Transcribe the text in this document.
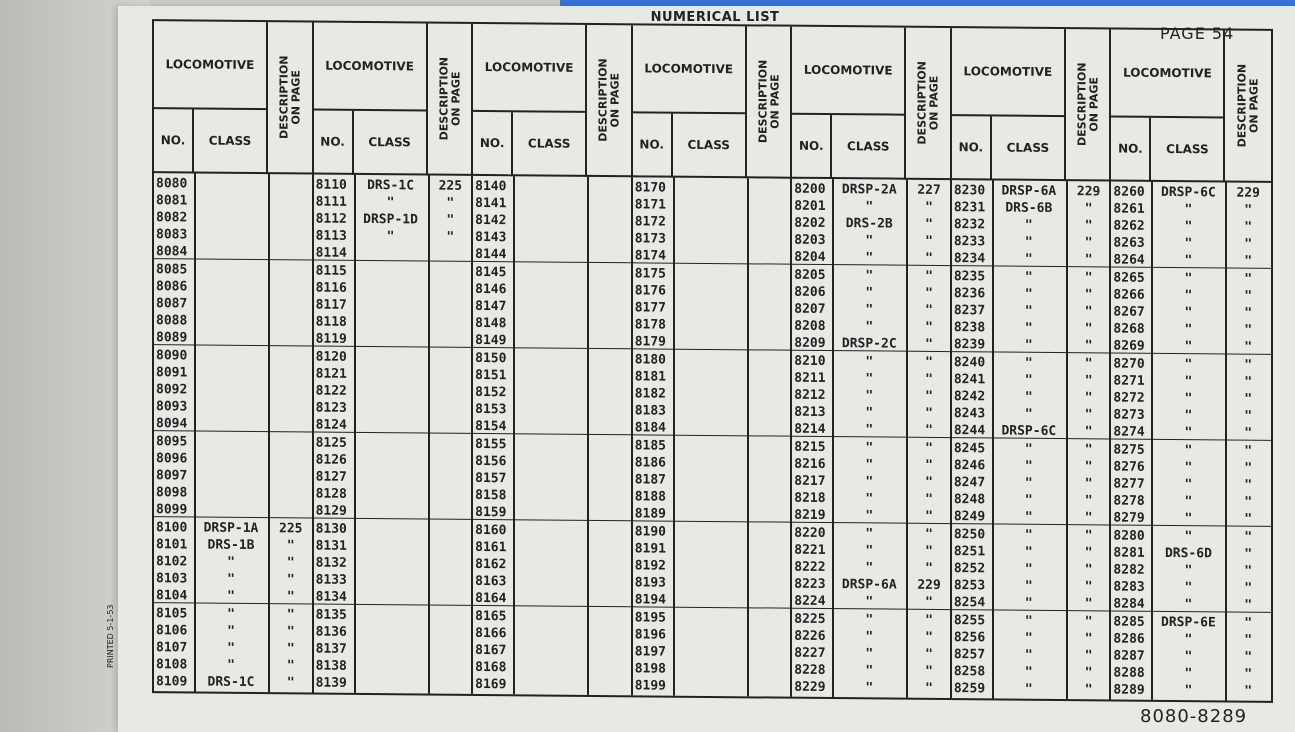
NUMERICAL LIST
PAGE 54
PRINTED 5-1-53
LOCOMOTIVE
NO.	CLASS
DESCRIPTION
ON PAGE
8080
8081
8082
8083
8084
8085
8086
8087
8088
8089
8090
8091
8092
8093
8094
8095
8096
8097
8098
8099
8100	DRSP-1A	225
8101	DRS-1B	"
8102	"	"
8103	"	"
8104	"	"
8105	"	"
8106	"	"
8107	"	"
8108	"	"
8109	DRS-1C	"
LOCOMOTIVE
NO.	CLASS
DESCRIPTION
ON PAGE
8110	DRS-1C	225
8111	"	"
8112	DRSP-1D	"
8113	"	"
8114
8115
8116
8117
8118
8119
8120
8121
8122
8123
8124
8125
8126
8127
8128
8129
8130
8131
8132
8133
8134
8135
8136
8137
8138
8139
LOCOMOTIVE
NO.	CLASS
DESCRIPTION
ON PAGE
8140
8141
8142
8143
8144
8145
8146
8147
8148
8149
8150
8151
8152
8153
8154
8155
8156
8157
8158
8159
8160
8161
8162
8163
8164
8165
8166
8167
8168
8169
LOCOMOTIVE
NO.	CLASS
DESCRIPTION
ON PAGE
8170
8171
8172
8173
8174
8175
8176
8177
8178
8179
8180
8181
8182
8183
8184
8185
8186
8187
8188
8189
8190
8191
8192
8193
8194
8195
8196
8197
8198
8199
LOCOMOTIVE
NO.	CLASS
DESCRIPTION
ON PAGE
8200	DRSP-2A	227
8201	"	"
8202	DRS-2B	"
8203	"	"
8204	"	"
8205	"	"
8206	"	"
8207	"	"
8208	"	"
8209	DRSP-2C	"
8210	"	"
8211	"	"
8212	"	"
8213	"	"
8214	"	"
8215	"	"
8216	"	"
8217	"	"
8218	"	"
8219	"	"
8220	"	"
8221	"	"
8222	"	"
8223	DRSP-6A	229
8224	"	"
8225	"	"
8226	"	"
8227	"	"
8228	"	"
8229	"	"
LOCOMOTIVE
NO.	CLASS
DESCRIPTION
ON PAGE
8230	DRSP-6A	229
8231	DRS-6B	"
8232	"	"
8233	"	"
8234	"	"
8235	"	"
8236	"	"
8237	"	"
8238	"	"
8239	"	"
8240	"	"
8241	"	"
8242	"	"
8243	"	"
8244	DRSP-6C	"
8245	"	"
8246	"	"
8247	"	"
8248	"	"
8249	"	"
8250	"	"
8251	"	"
8252	"	"
8253	"	"
8254	"	"
8255	"	"
8256	"	"
8257	"	"
8258	"	"
8259	"	"
LOCOMOTIVE
NO.	CLASS
DESCRIPTION
ON PAGE
8260	DRSP-6C	229
8261	"	"
8262	"	"
8263	"	"
8264	"	"
8265	"	"
8266	"	"
8267	"	"
8268	"	"
8269	"	"
8270	"	"
8271	"	"
8272	"	"
8273	"	"
8274	"	"
8275	"	"
8276	"	"
8277	"	"
8278	"	"
8279	"	"
8280	"	"
8281	DRS-6D	"
8282	"	"
8283	"	"
8284	"	"
8285	DRSP-6E	"
8286	"	"
8287	"	"
8288	"	"
8289	"	"
8080-8289
